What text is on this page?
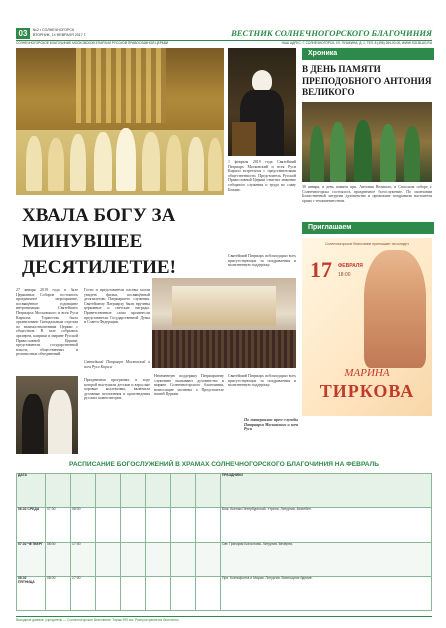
03	№2 • СОЛНЕЧНОГОРСК
ВТОРНИК, 14 ФЕВРАЛЯ 2017 Г.	ВЕСТНИК СОЛНЕЧНОГОРСКОГО БЛАГОЧИНИЯ
СОЛНЕЧНОГОРСКОЕ БЛАГОЧИНИЕ МОСКОВСКОЙ ЕПАРХИИ РУССКОЙ ПРАВОСЛАВНОЙ ЦЕРКВИ	НАШ АДРЕС: Г. СОЛНЕЧНОГОРСК, УЛ. ПУШКИНА, Д. 1, ТЕЛ. 8 (496) 264-00-00, WWW.SOLBLAG.RU
1 февраля 2019 года Святейший Патриарх Московский и всея Руси Кирилл встретился с представителями общественности. Предстоятель Русской Православной Церкви отметил значение соборного служения и труда во славу Божию.
Святейший Патриарх поблагодарил всех присутствующих за поздравления и молитвенную поддержку.
Хроника
В ДЕНЬ ПАМЯТИ ПРЕПОДОБНОГО АНТОНИЯ ВЕЛИКОГО
30 января, в день памяти прп. Антония Великого, в Спасском соборе г. Солнечногорска состоялось праздничное богослужение. По окончании Божественной литургии духовенство и прихожане поздравили настоятеля храма с тезоименитством.
Приглашаем
Солнечногорское благочиние приглашает на концерт
17	ФЕВРАЛЯ
18:00
МАРИНА
ТИРКОВА
ХВАЛА БОГУ ЗА МИНУВШЕЕ ДЕСЯТИЛЕТИЕ!
27 января 2019 года в Зале Церковных Соборов состоялось праздничное мероприятие, посвящённое годовщине интронизации Святейшего Патриарха Московского и всея Руси Кирилла. Торжество было организовано Синодальным отделом по взаимоотношениям Церкви с обществом. В зале собрались архиереи, клирики и миряне Русской Православной Церкви, представители государственной власти, общественных и религиозных объединений.
Гости и представители паствы могли увидеть фильм, посвящённый десятилетию Патриаршего служения. Святейшему Патриарху были вручены церковные и светские награды. Приветственные слова произнесли представители Государственной Думы и Совета Федерации.
Святейший Патриарх Московский и всея Руси Кирилл
Праздничная программа, в ходе которой выступили детские и взрослые хоровые коллективы, включила духовные песнопения и произведения русских композиторов.
Неизменную поддержку Патриаршему служению оказывают духовенство и миряне Солнечногорского благочиния, возносящие молитвы о Предстоятеле нашей Церкви.
Святейший Патриарх поблагодарил всех присутствующих за поздравления и молитвенную поддержку.
По материалам пресс-службы Патриарха Московского и всея Руси
РАСПИСАНИЕ БОГОСЛУЖЕНИЙ В ХРАМАХ СОЛНЕЧНОГОРСКОГО БЛАГОЧИНИЯ НА ФЕВРАЛЬ
ДАТА								ПРАЗДНИКИ
06.02 СРЕДА	07:30	08:00						Блж. Ксении Петербургской. Утреня. Литургия. Молебен.
07.02 ЧЕТВЕРГ	08:00	17:00						Свт. Григория Богослова. Литургия. Вечерня.
08.02 ПЯТНИЦА	08:00	17:00						Прп. Ксенофонта и Марии. Литургия. Всенощное бдение.
Выходные данные: учредитель — Солнечногорское благочиние. Тираж 999 экз. Распространяется бесплатно.
